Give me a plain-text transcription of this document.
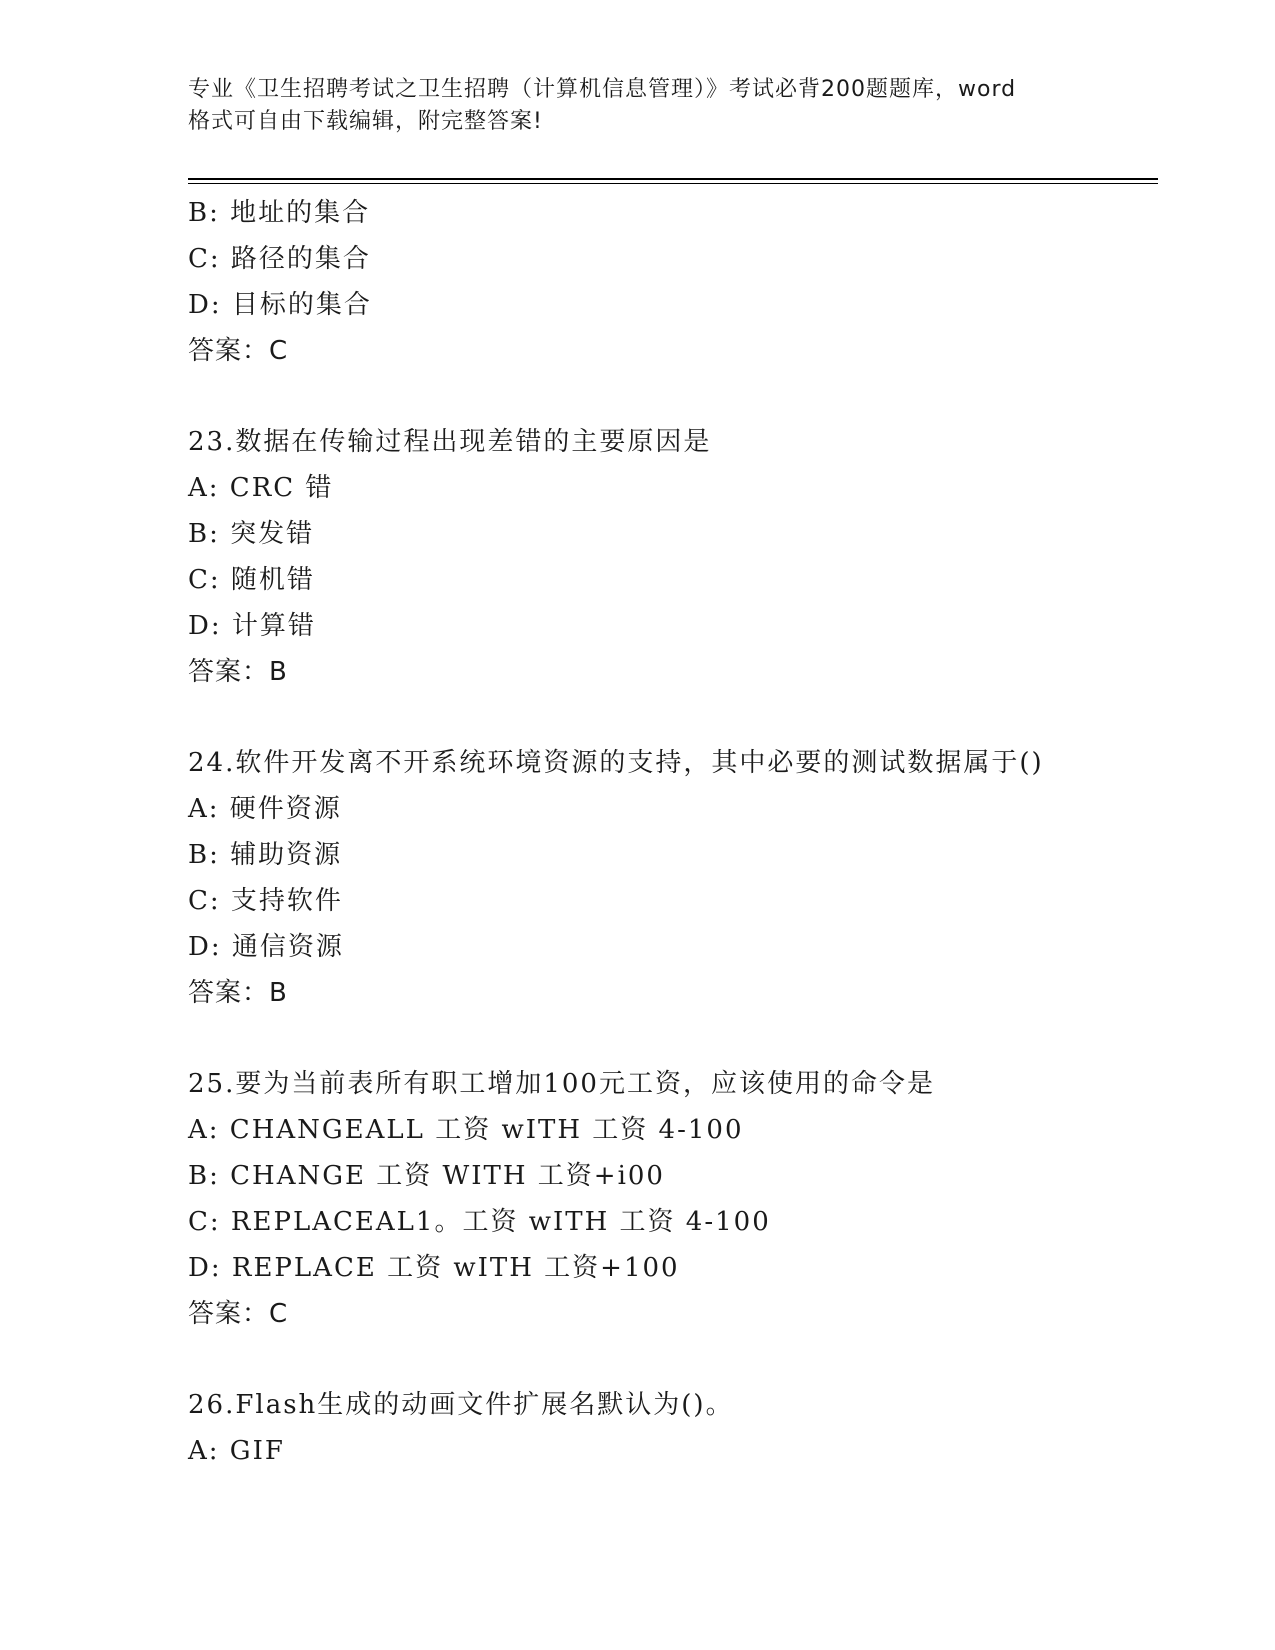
专业《卫生招聘考试之卫生招聘（计算机信息管理）》考试必背200题题库，word
格式可自由下载编辑，附完整答案!
B: 地址的集合
C: 路径的集合
D: 目标的集合
答案：C
23.数据在传输过程出现差错的主要原因是
A: CRC 错
B: 突发错
C: 随机错
D: 计算错
答案：B
24.软件开发离不开系统环境资源的支持，其中必要的测试数据属于()
A: 硬件资源
B: 辅助资源
C: 支持软件
D: 通信资源
答案：B
25.要为当前表所有职工增加100元工资，应该使用的命令是
A: CHANGEALL 工资 wITH 工资 4-100
B: CHANGE 工资 WITH 工资+i00
C: REPLACEAL1。工资 wITH 工资 4-100
D: REPLACE 工资 wITH 工资+100
答案：C
26.Flash生成的动画文件扩展名默认为()。
A: GIF
